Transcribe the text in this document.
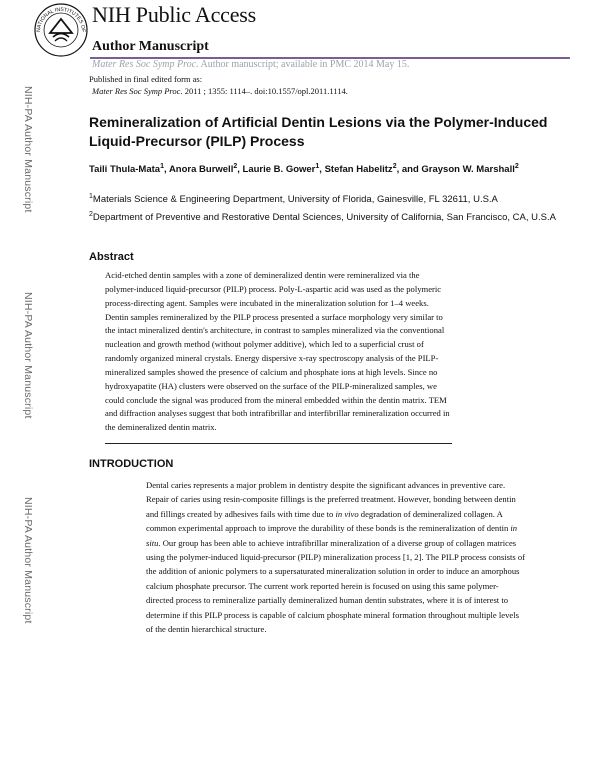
NATIONAL INSTITUTES OF
NIH Public Access
Author Manuscript
Mater Res Soc Symp Proc. Author manuscript; available in PMC 2014 May 15.
Published in final edited form as:
Mater Res Soc Symp Proc. 2011 ; 1355: 1114–. doi:10.1557/opl.2011.1114.
NIH-PA Author Manuscript
NIH-PA Author Manuscript
NIH-PA Author Manuscript
Remineralization of Artificial Dentin Lesions via the Polymer-Induced Liquid-Precursor (PILP) Process
Taili Thula-Mata$^1$, Anora Burwell$^2$, Laurie B. Gower$^1$, Stefan Habelitz$^2$, and Grayson W. Marshall$^2$
$^1$Materials Science & Engineering Department, University of Florida, Gainesville, FL 32611, U.S.A
$^2$Department of Preventive and Restorative Dental Sciences, University of California, San Francisco, CA, U.S.A
Abstract

Acid-etched dentin samples with a zone of demineralized dentin were remineralized via the polymer-induced liquid-precursor (PILP) process. Poly-L-aspartic acid was used as the polymeric process-directing agent. Samples were incubated in the mineralization solution for 1–4 weeks. Dentin samples remineralized by the PILP process presented a surface morphology very similar to the intact mineralized dentin's architecture, in contrast to samples mineralized via the conventional nucleation and growth method (without polymer additive), which led to a superficial crust of randomly organized mineral crystals. Energy dispersive x-ray spectroscopy analysis of the PILP-mineralized samples showed the presence of calcium and phosphate ions at high levels. Since no hydroxyapatite (HA) clusters were observed on the surface of the PILP-mineralized samples, we could conclude the signal was produced from the mineral embedded within the dentin matrix. TEM and diffraction analyses suggest that both intrafibrillar and interfibrillar remineralization occurred in the demineralized dentin matrix.

INTRODUCTION

Dental caries represents a major problem in dentistry despite the significant advances in preventive care. Repair of caries using resin-composite fillings is the preferred treatment. However, bonding between dentin and fillings created by adhesives fails with time due to in vivo degradation of demineralized collagen. A common experimental approach to improve the durability of these bonds is the remineralization of dentin in situ. Our group has been able to achieve intrafibrillar mineralization of a diverse group of collagen matrices using the polymer-induced liquid-precursor (PILP) mineralization process [1, 2]. The PILP process consists of the addition of anionic polymers to a supersaturated mineralization solution in order to induce an amorphous calcium phosphate precursor. The current work reported herein is focused on using this same polymer-directed process to remineralize partially demineralized human dentin substrates, where it is of interest to determine if this PILP process is capable of calcium phosphate mineral formation throughout multiple levels of the dentin hierarchical structure.
